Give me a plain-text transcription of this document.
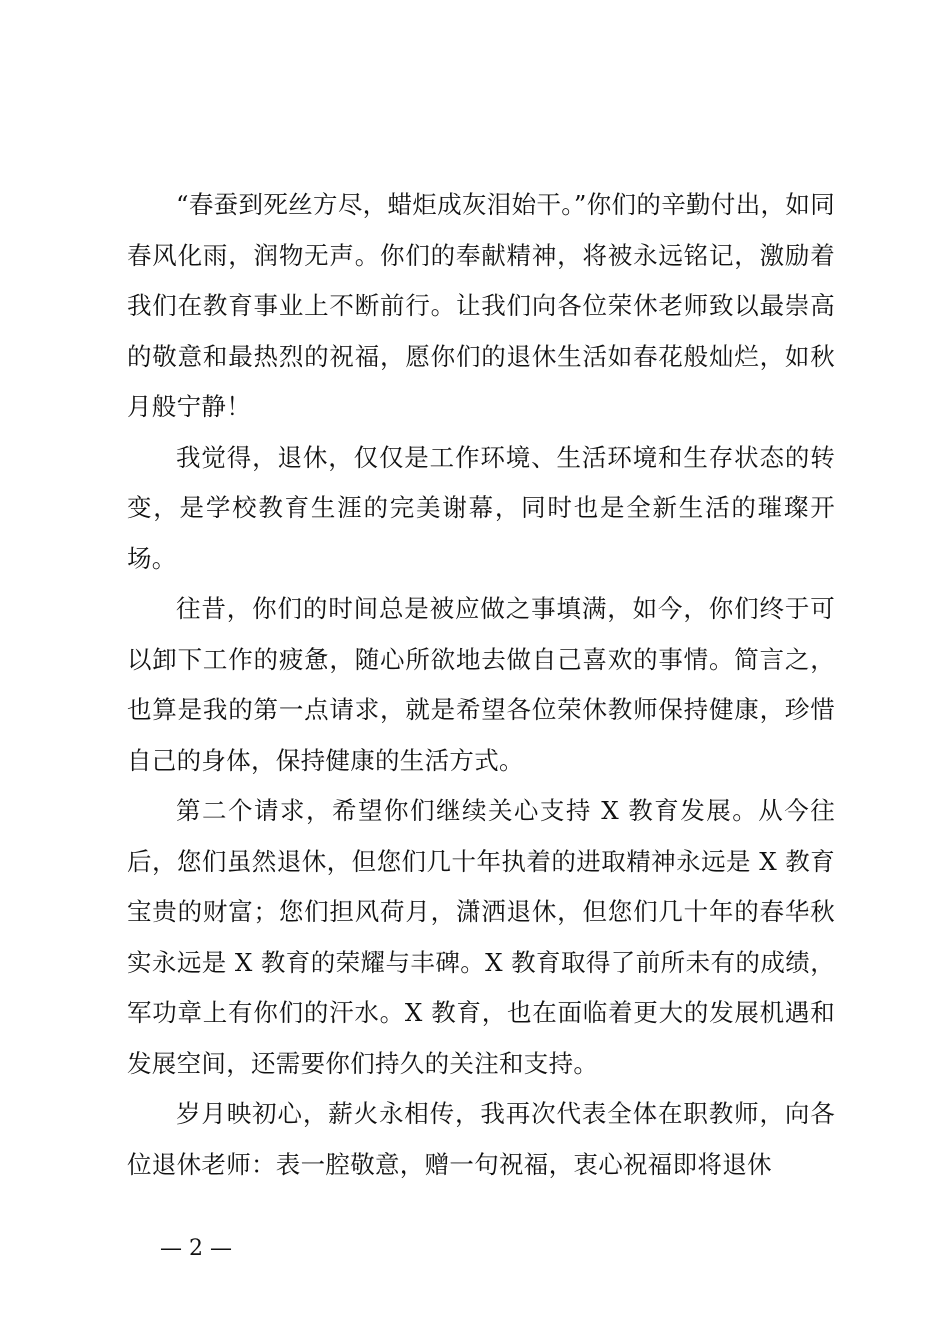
“春蚕到死丝方尽，蜡炬成灰泪始干。”你们的辛勤付出，如同春风化雨，润物无声。你们的奉献精神，将被永远铭记，激励着我们在教育事业上不断前行。让我们向各位荣休老师致以最崇高的敬意和最热烈的祝福，愿你们的退休生活如春花般灿烂，如秋月般宁静！

我觉得，退休，仅仅是工作环境、生活环境和生存状态的转变，是学校教育生涯的完美谢幕，同时也是全新生活的璀璨开场。

往昔，你们的时间总是被应做之事填满，如今，你们终于可以卸下工作的疲惫，随心所欲地去做自己喜欢的事情。简言之，也算是我的第一点请求，就是希望各位荣休教师保持健康，珍惜自己的身体，保持健康的生活方式。

第二个请求，希望你们继续关心支持 X 教育发展。从今往后，您们虽然退休，但您们几十年执着的进取精神永远是 X 教育宝贵的财富；您们担风荷月，潇洒退休，但您们几十年的春华秋实永远是 X 教育的荣耀与丰碑。X 教育取得了前所未有的成绩，军功章上有你们的汗水。X 教育，也在面临着更大的发展机遇和发展空间，还需要你们持久的关注和支持。

岁月映初心，薪火永相传，我再次代表全体在职教师，向各位退休老师：表一腔敬意，赠一句祝福，衷心祝福即将退休

— 2 —
